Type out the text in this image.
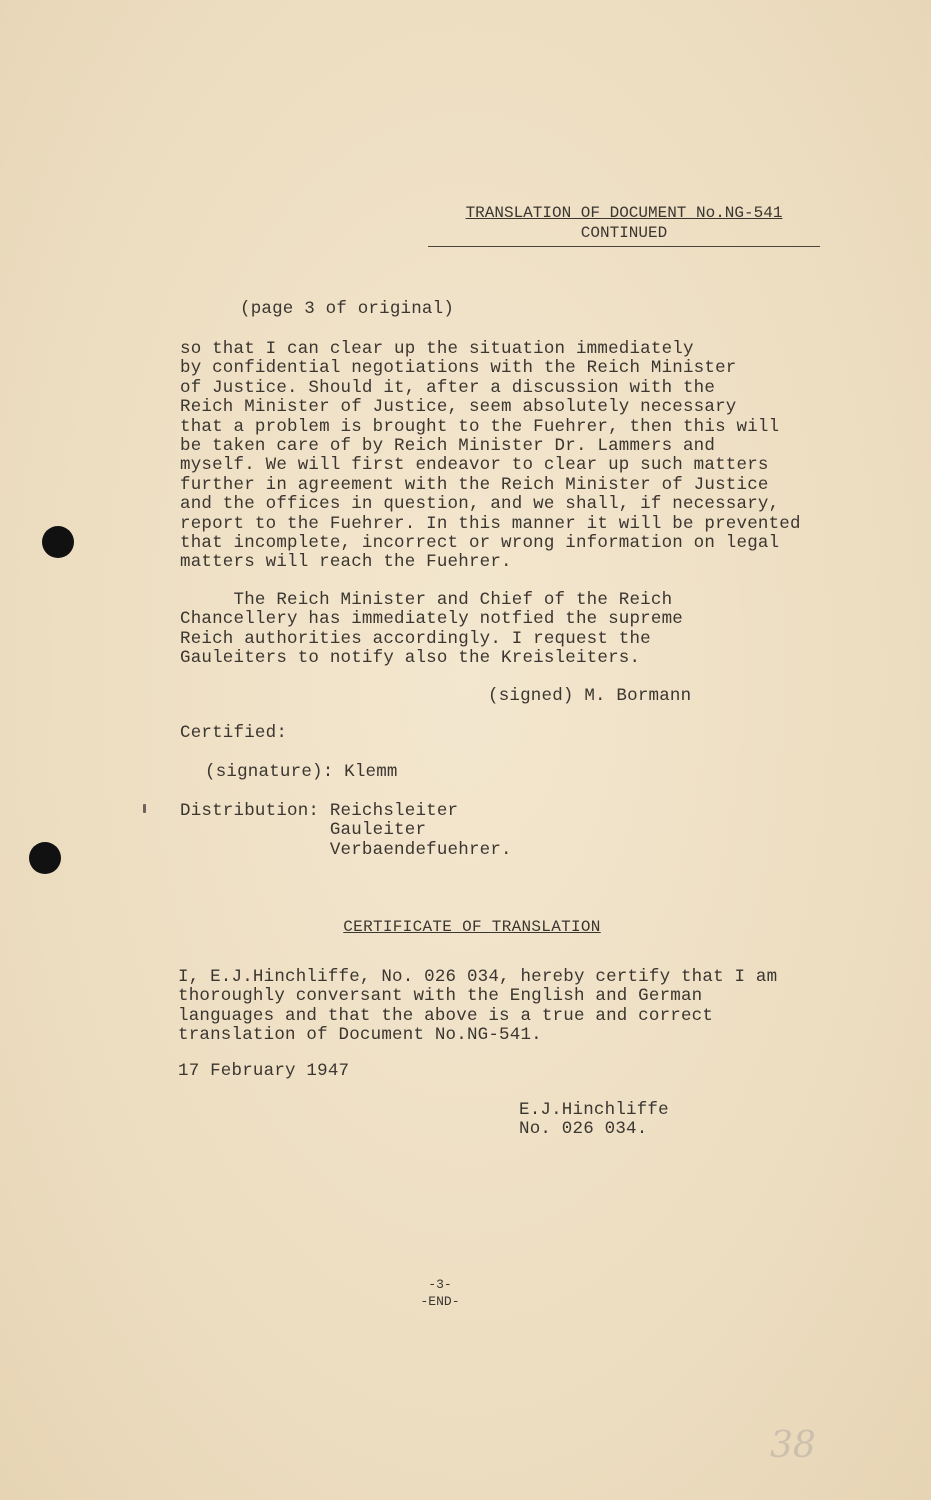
TRANSLATION OF DOCUMENT No.NG-541
CONTINUED
(page 3 of original)
so that I can clear up the situation immediately
by confidential negotiations with the Reich Minister
of Justice. Should it, after a discussion with the
Reich Minister of Justice, seem absolutely necessary
that a problem is brought to the Fuehrer, then this will
be taken care of by Reich Minister Dr. Lammers and
myself. We will first endeavor to clear up such matters
further in agreement with the Reich Minister of Justice
and the offices in question, and we shall, if necessary,
report to the Fuehrer. In this manner it will be prevented
that incomplete, incorrect or wrong information on legal
matters will reach the Fuehrer.
The Reich Minister and Chief of the Reich
Chancellery has immediately notfied the supreme
Reich authorities accordingly. I request the
Gauleiters to notify also the Kreisleiters.
(signed) M. Bormann
Certified:
(signature): Klemm
Distribution: Reichsleiter
Gauleiter
Verbaendefuehrer.
CERTIFICATE OF TRANSLATION
I, E.J.Hinchliffe, No. 026 034, hereby certify that I am
thoroughly conversant with the English and German
languages and that the above is a true and correct
translation of Document No.NG-541.
17 February 1947
E.J.Hinchliffe
No. 026 034.
-3-
-END-
38
